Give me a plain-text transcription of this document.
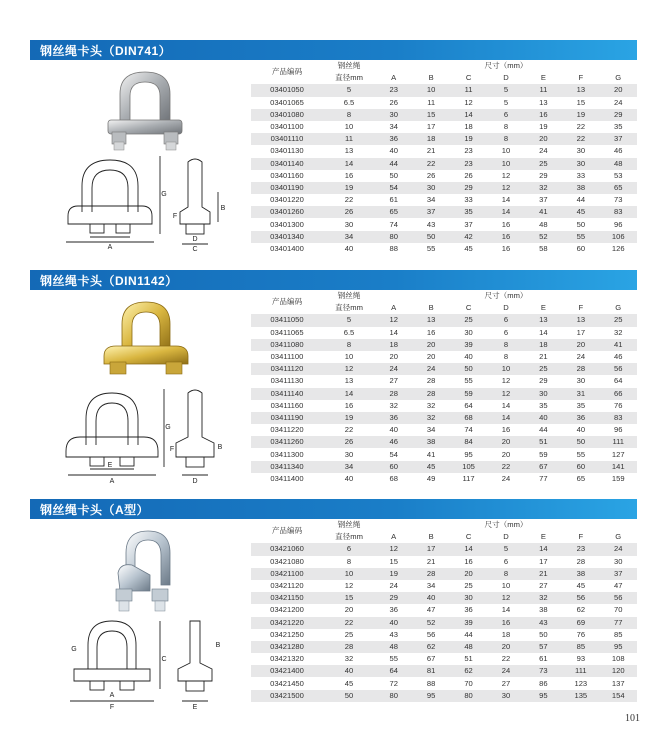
钢丝绳卡头（DIN741）
A
G
F
B
D
C
产品编码	钢丝绳	尺寸（mm）						
	直径mm	A	B	C	D	E	F	G
03401050	5	23	10	11	5	11	13	20
03401065	6.5	26	11	12	5	13	15	24
03401080	8	30	15	14	6	16	19	29
03401100	10	34	17	18	8	19	22	35
03401110	11	36	18	19	8	20	22	37
03401130	13	40	21	23	10	24	30	46
03401140	14	44	22	23	10	25	30	48
03401160	16	50	26	26	12	29	33	53
03401190	19	54	30	29	12	32	38	65
03401220	22	61	34	33	14	37	44	73
03401260	26	65	37	35	14	41	45	83
03401300	30	74	43	37	16	48	50	96
03401340	34	80	50	42	16	52	55	106
03401400	40	88	55	45	16	58	60	126
钢丝绳卡头（DIN1142）
A
E
G
F	B
D
产品编码	钢丝绳	尺寸（mm）						
	直径mm	A	B	C	D	E	F	G
03411050	5	12	13	25	6	13	13	25
03411065	6.5	14	16	30	6	14	17	32
03411080	8	18	20	39	8	18	20	41
03411100	10	20	20	40	8	21	24	46
03411120	12	24	24	50	10	25	28	56
03411130	13	27	28	55	12	29	30	64
03411140	14	28	28	59	12	30	31	66
03411160	16	32	32	64	14	35	35	76
03411190	19	36	32	68	14	40	36	83
03411220	22	40	34	74	16	44	40	96
03411260	26	46	38	84	20	51	50	111
03411300	30	54	41	95	20	59	55	127
03411340	34	60	45	105	22	67	60	141
03411400	40	68	49	117	24	77	65	159
钢丝绳卡头（A型）
F
A
C
G
B
E
产品编码	钢丝绳	尺寸（mm）						
	直径mm	A	B	C	D	E	F	G
03421060	6	12	17	14	5	14	23	24
03421080	8	15	21	16	6	17	28	30
03421100	10	19	28	20	8	21	38	37
03421120	12	24	34	25	10	27	45	47
03421150	15	29	40	30	12	32	56	56
03421200	20	36	47	36	14	38	62	70
03421220	22	40	52	39	16	43	69	77
03421250	25	43	56	44	18	50	76	85
03421280	28	48	62	48	20	57	85	95
03421320	32	55	67	51	22	61	93	108
03421400	40	64	81	62	24	73	111	120
03421450	45	72	88	70	27	86	123	137
03421500	50	80	95	80	30	95	135	154
101
